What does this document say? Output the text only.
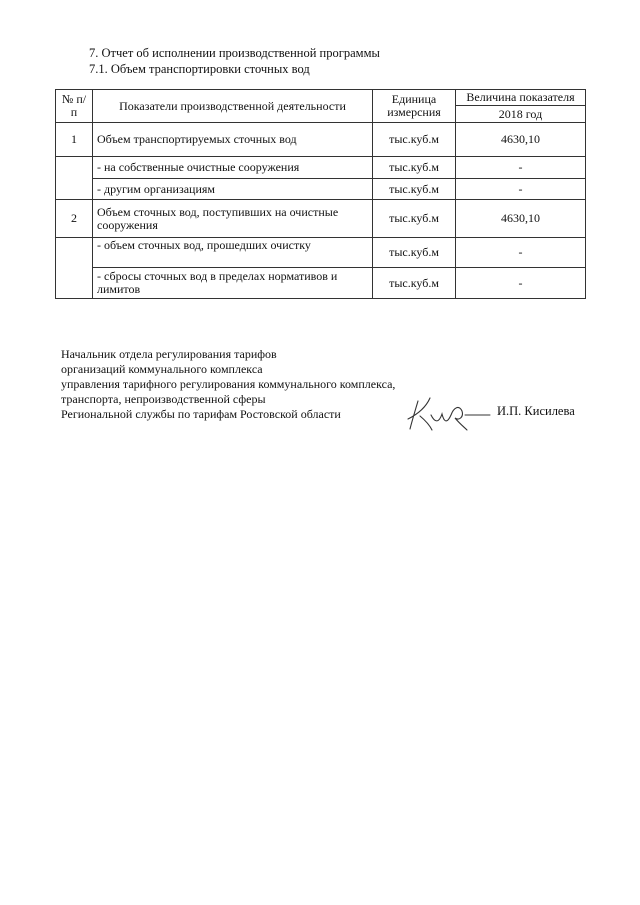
7. Отчет об исполнении производственной программы
7.1. Объем транспортировки сточных вод
№ п/п	Показатели производственной деятельности	Единица измерсния	Величина показателя
			2018 год
1	Объем транспортируемых сточных вод	тыс.куб.м	4630,10
	- на собственные очистные сооружения	тыс.куб.м	-
	- другим организациям	тыс.куб.м	-
2	Объем сточных вод, поступивших на очистные сооружения	тыс.куб.м	4630,10
	- объем сточных вод, прошедших очистку	тыс.куб.м	-
	- сбросы сточных вод в пределах нормативов и лимитов	тыс.куб.м	-
Начальник отдела регулирования тарифов
организаций коммунального комплекса
управления тарифного регулирования коммунального комплекса,
транспорта, непроизводственной сферы
Региональной службы по тарифам Ростовской области	И.П. Кисилева
